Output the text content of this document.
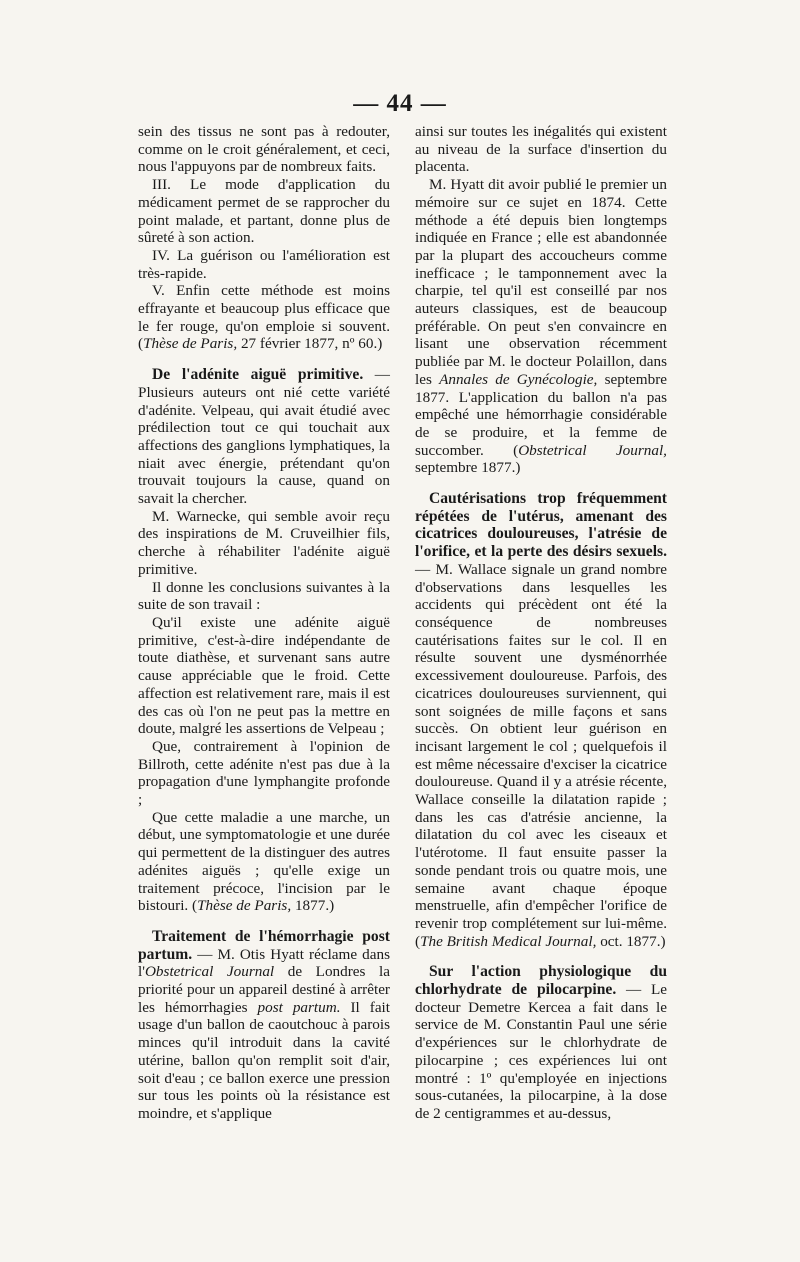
— 44 —

sein des tissus ne sont pas à redouter, comme on le croit généralement, et ceci, nous l'appuyons par de nombreux faits.

III. Le mode d'application du médicament permet de se rapprocher du point malade, et partant, donne plus de sûreté à son action.

IV. La guérison ou l'amélioration est très-rapide.

V. Enfin cette méthode est moins effrayante et beaucoup plus efficace que le fer rouge, qu'on emploie si souvent. (Thèse de Paris, 27 février 1877, nº 60.)

De l'adénite aiguë primitive. — Plusieurs auteurs ont nié cette variété d'adénite. Velpeau, qui avait étudié avec prédilection tout ce qui touchait aux affections des ganglions lymphatiques, la niait avec énergie, prétendant qu'on trouvait toujours la cause, quand on savait la chercher.

M. Warnecke, qui semble avoir reçu des inspirations de M. Cruveilhier fils, cherche à réhabiliter l'adénite aiguë primitive.

Il donne les conclusions suivantes à la suite de son travail :

Qu'il existe une adénite aiguë primitive, c'est-à-dire indépendante de toute diathèse, et survenant sans autre cause appréciable que le froid. Cette affection est relativement rare, mais il est des cas où l'on ne peut pas la mettre en doute, malgré les assertions de Velpeau ;

Que, contrairement à l'opinion de Billroth, cette adénite n'est pas due à la propagation d'une lymphangite profonde ;

Que cette maladie a une marche, un début, une symptomatologie et une durée qui permettent de la distinguer des autres adénites aiguës ; qu'elle exige un traitement précoce, l'incision par le bistouri. (Thèse de Paris, 1877.)

Traitement de l'hémorrhagie post partum. — M. Otis Hyatt réclame dans l'Obstetrical Journal de Londres la priorité pour un appareil destiné à arrêter les hémorrhagies post partum. Il fait usage d'un ballon de caoutchouc à parois minces qu'il introduit dans la cavité utérine, ballon qu'on remplit soit d'air, soit d'eau ; ce ballon exerce une pression sur tous les points où la résistance est moindre, et s'applique

ainsi sur toutes les inégalités qui existent au niveau de la surface d'insertion du placenta.

M. Hyatt dit avoir publié le premier un mémoire sur ce sujet en 1874. Cette méthode a été depuis bien longtemps indiquée en France ; elle est abandonnée par la plupart des accoucheurs comme inefficace ; le tamponnement avec la charpie, tel qu'il est conseillé par nos auteurs classiques, est de beaucoup préférable. On peut s'en convaincre en lisant une observation récemment publiée par M. le docteur Polaillon, dans les Annales de Gynécologie, septembre 1877. L'application du ballon n'a pas empêché une hémorrhagie considérable de se produire, et la femme de succomber. (Obstetrical Journal, septembre 1877.)

Cautérisations trop fréquemment répétées de l'utérus, amenant des cicatrices douloureuses, l'atrésie de l'orifice, et la perte des désirs sexuels. — M. Wallace signale un grand nombre d'observations dans lesquelles les accidents qui précèdent ont été la conséquence de nombreuses cautérisations faites sur le col. Il en résulte souvent une dysménorrhée excessivement douloureuse. Parfois, des cicatrices douloureuses surviennent, qui sont soignées de mille façons et sans succès. On obtient leur guérison en incisant largement le col ; quelquefois il est même nécessaire d'exciser la cicatrice douloureuse. Quand il y a atrésie récente, Wallace conseille la dilatation rapide ; dans les cas d'atrésie ancienne, la dilatation du col avec les ciseaux et l'utérotome. Il faut ensuite passer la sonde pendant trois ou quatre mois, une semaine avant chaque époque menstruelle, afin d'empêcher l'orifice de revenir trop complétement sur lui-même. (The British Medical Journal, oct. 1877.)

Sur l'action physiologique du chlorhydrate de pilocarpine. — Le docteur Demetre Kercea a fait dans le service de M. Constantin Paul une série d'expériences sur le chlorhydrate de pilocarpine ; ces expériences lui ont montré : 1º qu'employée en injections sous-cutanées, la pilocarpine, à la dose de 2 centigrammes et au-dessus,
